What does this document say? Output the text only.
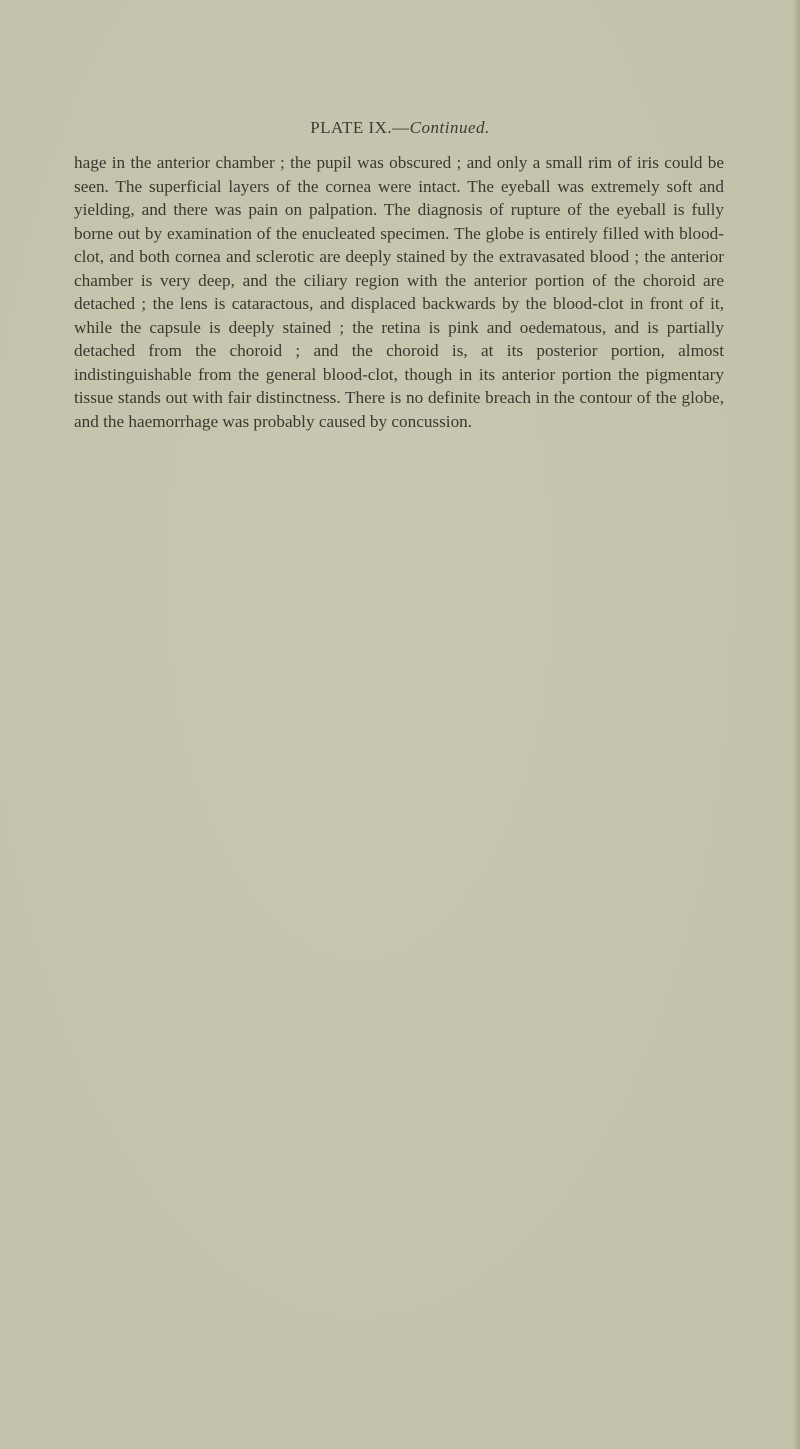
PLATE IX.—Continued.

hage in the anterior chamber ; the pupil was obscured ; and only a small rim of iris could be seen. The superficial layers of the cornea were intact. The eyeball was extremely soft and yielding, and there was pain on palpation. The diagnosis of rupture of the eyeball is fully borne out by examination of the enucleated specimen. The globe is entirely filled with blood-clot, and both cornea and sclerotic are deeply stained by the extravasated blood ; the anterior chamber is very deep, and the ciliary region with the anterior portion of the choroid are detached ; the lens is cataractous, and displaced backwards by the blood-clot in front of it, while the capsule is deeply stained ; the retina is pink and oedematous, and is partially detached from the choroid ; and the choroid is, at its posterior portion, almost indistinguishable from the general blood-clot, though in its anterior portion the pigmentary tissue stands out with fair distinctness. There is no definite breach in the contour of the globe, and the haemorrhage was probably caused by concussion.
